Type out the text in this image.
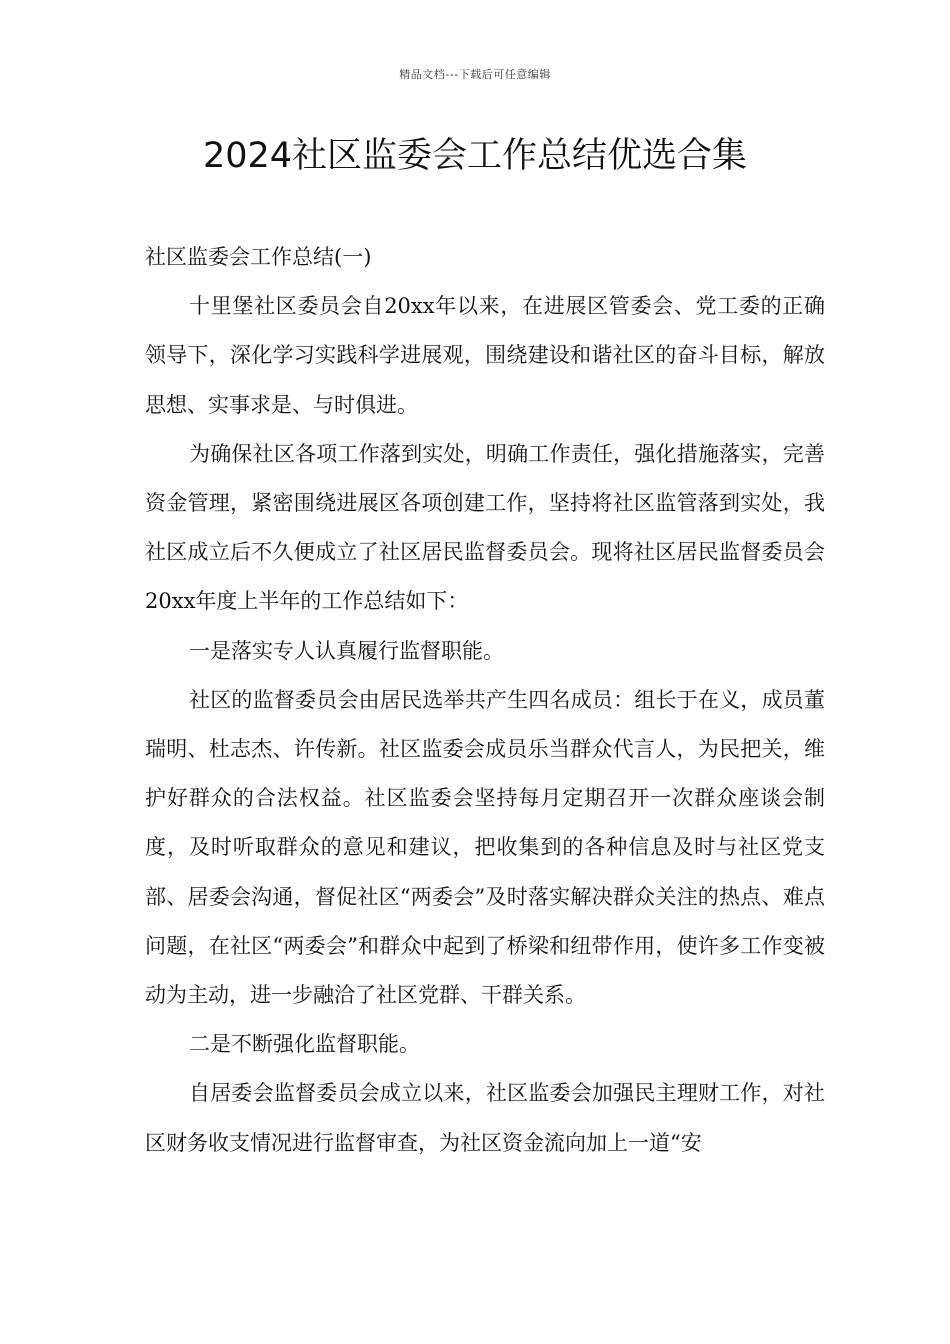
精品文档---下载后可任意编辑
2024社区监委会工作总结优选合集

社区监委会工作总结(一)

十里堡社区委员会自20xx年以来，在进展区管委会、党工委的正确领导下，深化学习实践科学进展观，围绕建设和谐社区的奋斗目标，解放思想、实事求是、与时俱进。

为确保社区各项工作落到实处，明确工作责任，强化措施落实，完善资金管理，紧密围绕进展区各项创建工作，坚持将社区监管落到实处，我社区成立后不久便成立了社区居民监督委员会。现将社区居民监督委员会20xx年度上半年的工作总结如下：

一是落实专人认真履行监督职能。

社区的监督委员会由居民选举共产生四名成员：组长于在义，成员董瑞明、杜志杰、许传新。社区监委会成员乐当群众代言人，为民把关，维护好群众的合法权益。社区监委会坚持每月定期召开一次群众座谈会制度，及时听取群众的意见和建议，把收集到的各种信息及时与社区党支部、居委会沟通，督促社区“两委会”及时落实解决群众关注的热点、难点问题，在社区“两委会”和群众中起到了桥梁和纽带作用，使许多工作变被动为主动，进一步融洽了社区党群、干群关系。

二是不断强化监督职能。

自居委会监督委员会成立以来，社区监委会加强民主理财工作，对社区财务收支情况进行监督审查，为社区资金流向加上一道“安
